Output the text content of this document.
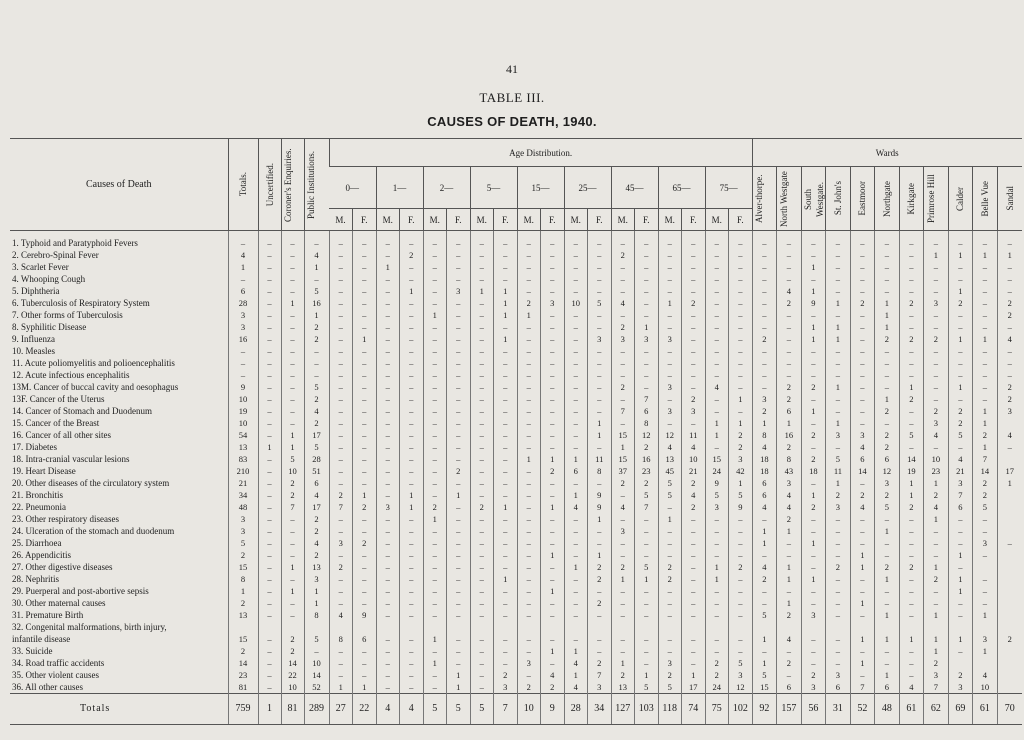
41
TABLE III.
CAUSES OF DEATH, 1940.
Causes of Death	Totals.	Uncertified.	Coroner's Enquiries.	Public Institutions.	Age Distribution.																		Wards										
					0—		1—		2—		5—		15—		25—		45—		65—		75—		Alver-thorpe.	North Westgate	South Westgate.	St. John's	Eastmoor	Northgate	Kirkgate	Primrose Hill	Calder	Belle Vue	Sandal

					M.	F.	M.	F.	M.	F.	M.	F.	M.	F.	M.	F.	M.	F.	M.	F.	M.	F.											
1. Typhoid and Paratyphoid Fevers	–	–	–	–	–	–	–	–	–	–	–	–	–	–	–	–	–	–	–	–	–	–	–	–	–	–	–	–	–	–	–	–	–
2. Cerebro-Spinal Fever	4	–	–	4	–	–	–	2	–	–	–	–	–	–	–	–	2	–	–	–	–	–	–	–	–	–	–	–	–	1	1	1	1
3. Scarlet Fever	1	–	–	1	–	–	1	–	–	–	–	–	–	–	–	–	–	–	–	–	–	–	–	–	1	–	–	–	–	–	–	–	–
4. Whooping Cough	–	–	–	–	–	–	–	–	–	–	–	–	–	–	–	–	–	–	–	–	–	–	–	–	–	–	–	–	–	–	–	–	–
5. Diphtheria	6	–	–	5	–	–	–	1	–	3	1	1	–	–	–	–	–	–	–	–	–	–	–	4	1	–	–	–	–	–	1	–	–
6. Tuberculosis of Respiratory System	28	–	1	16	–	–	–	–	–	–	–	1	2	3	10	5	4	–	1	2	–	–	–	2	9	1	2	1	2	3	2	–	2
7. Other forms of Tuberculosis	3	–	–	1	–	–	–	–	1	–	–	1	1	–	–	–	–	–	–	–	–	–	–	–	–	–	–	1	–	–	–	–	2
8. Syphilitic Disease	3	–	–	2	–	–	–	–	–	–	–	–	–	–	–	–	2	1	–	–	–	–	–	–	1	1	–	1	–	–	–	–	–
9. Influenza	16	–	–	2	–	1	–	–	–	–	–	1	–	–	–	3	3	3	3	–	–	–	2	–	1	1	–	2	2	2	1	1	4
10. Measles	–	–	–	–	–	–	–	–	–	–	–	–	–	–	–	–	–	–	–	–	–	–	–	–	–	–	–	–	–	–	–	–	–
11. Acute poliomyelitis and polioencephalitis	–	–	–	–	–	–	–	–	–	–	–	–	–	–	–	–	–	–	–	–	–	–	–	–	–	–	–	–	–	–	–	–	–
12. Acute infectious encephalitis	–	–	–	–	–	–	–	–	–	–	–	–	–	–	–	–	–	–	–	–	–	–	–	–	–	–	–	–	–	–	–	–	–
13M. Cancer of buccal cavity and oesophagus	9	–	–	5	–	–	–	–	–	–	–	–	–	–	–	–	2	–	3	–	4	–	–	2	2	1	–	–	1	–	1	–	2
13F. Cancer of the Uterus	10	–	–	2	–	–	–	–	–	–	–	–	–	–	–	–	–	7	–	2	–	1	3	2	–	–	–	1	2	–	–	–	2
14. Cancer of Stomach and Duodenum	19	–	–	4	–	–	–	–	–	–	–	–	–	–	–	–	7	6	3	3	–	–	2	6	1	–	–	2	–	2	2	1	3
15. Cancer of the Breast	10	–	–	2	–	–	–	–	–	–	–	–	–	–	–	1	–	8	–	–	1	1	1	1	–	1	–	–	–	3	2	1	
16. Cancer of all other sites	54	–	1	17	–	–	–	–	–	–	–	–	–	–	–	1	15	12	12	11	1	2	8	16	2	3	3	2	5	4	5	2	4
17. Diabetes	13	1	1	5	–	–	–	–	–	–	–	–	–	–	–	–	1	2	4	4	–	2	4	2	–	–	4	2	–	–	–	1	–
18. Intra-cranial vascular lesions	83	–	5	28	–	–	–	–	–	–	–	–	1	1	1	11	15	16	13	10	15	3	18	8	2	5	6	6	14	10	4	7	
19. Heart Disease	210	–	10	51	–	–	–	–	–	2	–	–	–	2	6	8	37	23	45	21	24	42	18	43	18	11	14	12	19	23	21	14	17
20. Other diseases of the circulatory system	21	–	2	6	–	–	–	–	–	–	–	–	–	–	–	–	2	2	5	2	9	1	6	3	–	1	–	3	1	1	3	2	1
21. Bronchitis	34	–	2	4	2	1	–	1	–	1	–	–	–	–	1	9	–	5	5	4	5	5	6	4	1	2	2	2	1	2	7	2	
22. Pneumonia	48	–	7	17	7	2	3	1	2	–	2	1	–	1	4	9	4	7	–	2	3	9	4	4	2	3	4	5	2	4	6	5	
23. Other respiratory diseases	3	–	–	2	–	–	–	–	1	–	–	–	–	–	–	1	–	–	1	–	–	–	–	2	–	–	–	–	–	1	–	–	
24. Ulceration of the stomach and duodenum	3	–	–	2	–	–	–	–	–	–	–	–	–	–	–	–	3	–	–	–	–	–	1	1	–	–	–	1	–	–	–	–	
25. Diarrhoea	5	–	–	4	3	2	–	–	–	–	–	–	–	–	–	–	–	–	–	–	–	–	1	–	1	–	–	–	–	–	–	3	–
26. Appendicitis	2	–	–	2	–	–	–	–	–	–	–	–	–	1	–	1	–	–	–	–	–	–	–	–	–	–	1	–	–	–	1	–	
27. Other digestive diseases	15	–	1	13	2	–	–	–	–	–	–	–	–	–	1	2	2	5	2	–	1	2	4	1	–	2	1	2	2	1	–		
28. Nephritis	8	–	–	3	–	–	–	–	–	–	–	1	–	–	–	2	1	1	2	–	1	–	2	1	1	–	–	1	–	2	1	–	
29. Puerperal and post-abortive sepsis	1	–	1	1	–	–	–	–	–	–	–	–	–	1	–	–	–	–	–	–	–	–	–	–	–	–	–	–	–	–	1	–	
30. Other maternal causes	2	–	–	1	–	–	–	–	–	–	–	–	–	–	–	2	–	–	–	–	–	–	–	1	–	–	1	–	–	–	–	–	
31. Premature Birth	13	–	–	8	4	9	–	–	–	–	–	–	–	–	–	–	–	–	–	–	–	–	5	2	3	–	–	1	–	1	–	1	
32. Congenital malformations, birth injury,																																	
infantile disease	15	–	2	5	8	6	–	–	1	–	–	–	–	–	–	–	–	–	–	–	–	–	1	4	–	–	1	1	1	1	1	3	2
33. Suicide	2	–	2	–	–	–	–	–	–	–	–	–	–	1	1	–	–	–	–	–	–	–	–	–	–	–	–	–	–	1	–	1	
34. Road traffic accidents	14	–	14	10	–	–	–	–	1	–	–	–	3	–	4	2	1	–	3	–	2	5	1	2	–	–	1	–	–	2			
35. Other violent causes	23	–	22	14	–	–	–	–	–	1	–	2	–	4	1	7	2	1	2	1	2	3	5	–	2	3	–	1	–	3	2	4	
36. All other causes	81	–	10	52	1	1	–	–	–	1	–	3	2	2	4	3	13	5	5	17	24	12	15	6	3	6	7	6	4	7	3	10	
Totals	759	1	81	289	27	22	4	4	5	5	5	7	10	9	28	34	127	103	118	74	75	102	92	157	56	31	52	48	61	62	69	61	70
